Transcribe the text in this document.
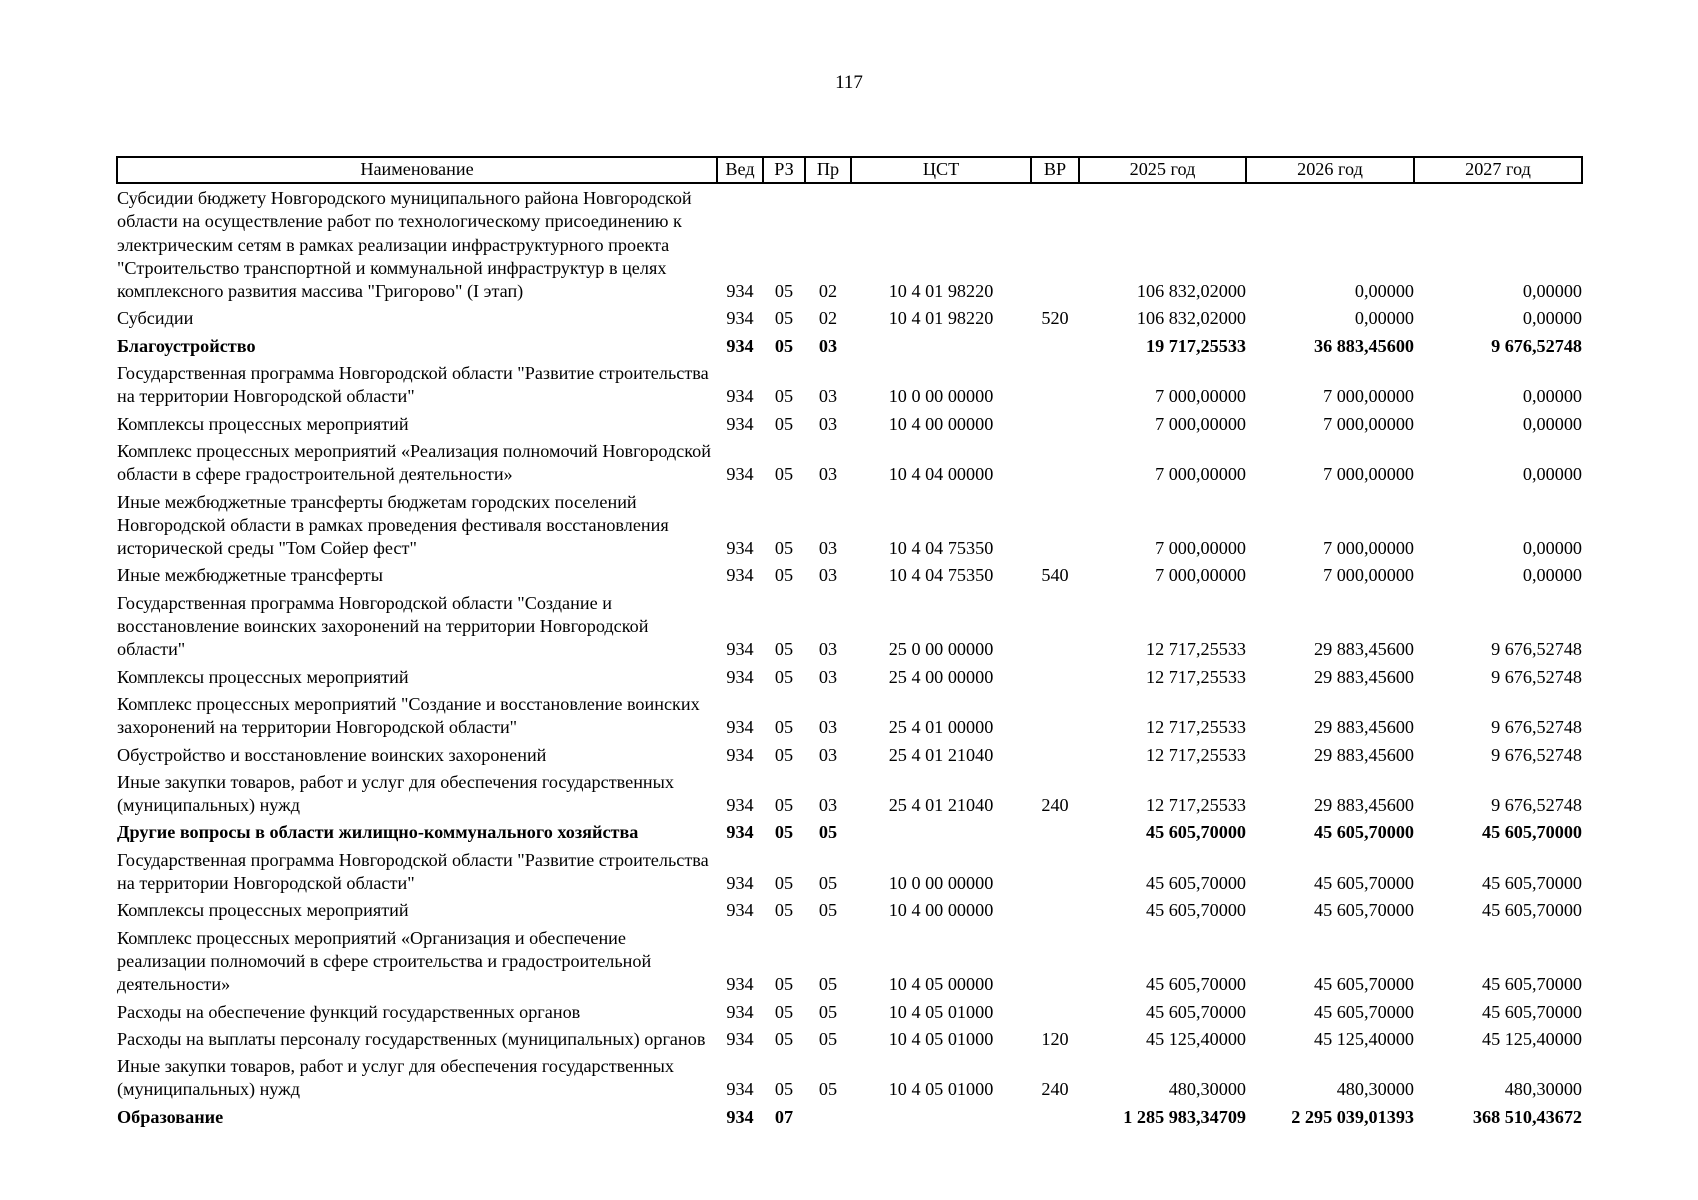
117
Наименование	Вед	РЗ	Пр	ЦСТ	ВР	2025 год	2026 год	2027 год
Субсидии бюджету Новгородского муниципального района Новгородской области на осуществление работ по технологическому присоединению к электрическим сетям в рамках реализации инфраструктурного проекта "Строительство транспортной и коммунальной инфраструктур в целях комплексного развития массива "Григорово" (I этап)	934	05	02	10 4 01 98220		106 832,02000	0,00000	0,00000
Субсидии	934	05	02	10 4 01 98220	520	106 832,02000	0,00000	0,00000
Благоустройство	934	05	03			19 717,25533	36 883,45600	9 676,52748
Государственная программа Новгородской области "Развитие строительства на территории Новгородской области"	934	05	03	10 0 00 00000		7 000,00000	7 000,00000	0,00000
Комплексы процессных мероприятий	934	05	03	10 4 00 00000		7 000,00000	7 000,00000	0,00000
Комплекс процессных мероприятий «Реализация полномочий Новгородской области в сфере градостроительной деятельности»	934	05	03	10 4 04 00000		7 000,00000	7 000,00000	0,00000
Иные межбюджетные трансферты бюджетам городских поселений Новгородской области в рамках проведения фестиваля восстановления исторической среды "Том Сойер фест"	934	05	03	10 4 04 75350		7 000,00000	7 000,00000	0,00000
Иные межбюджетные трансферты	934	05	03	10 4 04 75350	540	7 000,00000	7 000,00000	0,00000
Государственная программа Новгородской области "Создание и восстановление воинских захоронений на территории Новгородской области"	934	05	03	25 0 00 00000		12 717,25533	29 883,45600	9 676,52748
Комплексы процессных мероприятий	934	05	03	25 4 00 00000		12 717,25533	29 883,45600	9 676,52748
Комплекс процессных мероприятий "Создание и восстановление воинских захоронений на территории Новгородской области"	934	05	03	25 4 01 00000		12 717,25533	29 883,45600	9 676,52748
Обустройство и восстановление воинских захоронений	934	05	03	25 4 01 21040		12 717,25533	29 883,45600	9 676,52748
Иные закупки товаров, работ и услуг для обеспечения государственных (муниципальных) нужд	934	05	03	25 4 01 21040	240	12 717,25533	29 883,45600	9 676,52748
Другие вопросы в области жилищно-коммунального хозяйства	934	05	05			45 605,70000	45 605,70000	45 605,70000
Государственная программа Новгородской области "Развитие строительства на территории Новгородской области"	934	05	05	10 0 00 00000		45 605,70000	45 605,70000	45 605,70000
Комплексы процессных мероприятий	934	05	05	10 4 00 00000		45 605,70000	45 605,70000	45 605,70000
Комплекс процессных мероприятий «Организация и обеспечение реализации полномочий в сфере строительства и градостроительной деятельности»	934	05	05	10 4 05 00000		45 605,70000	45 605,70000	45 605,70000
Расходы на обеспечение функций государственных органов	934	05	05	10 4 05 01000		45 605,70000	45 605,70000	45 605,70000
Расходы на выплаты персоналу государственных (муниципальных) органов	934	05	05	10 4 05 01000	120	45 125,40000	45 125,40000	45 125,40000
Иные закупки товаров, работ и услуг для обеспечения государственных (муниципальных) нужд	934	05	05	10 4 05 01000	240	480,30000	480,30000	480,30000
Образование	934	07				1 285 983,34709	2 295 039,01393	368 510,43672
